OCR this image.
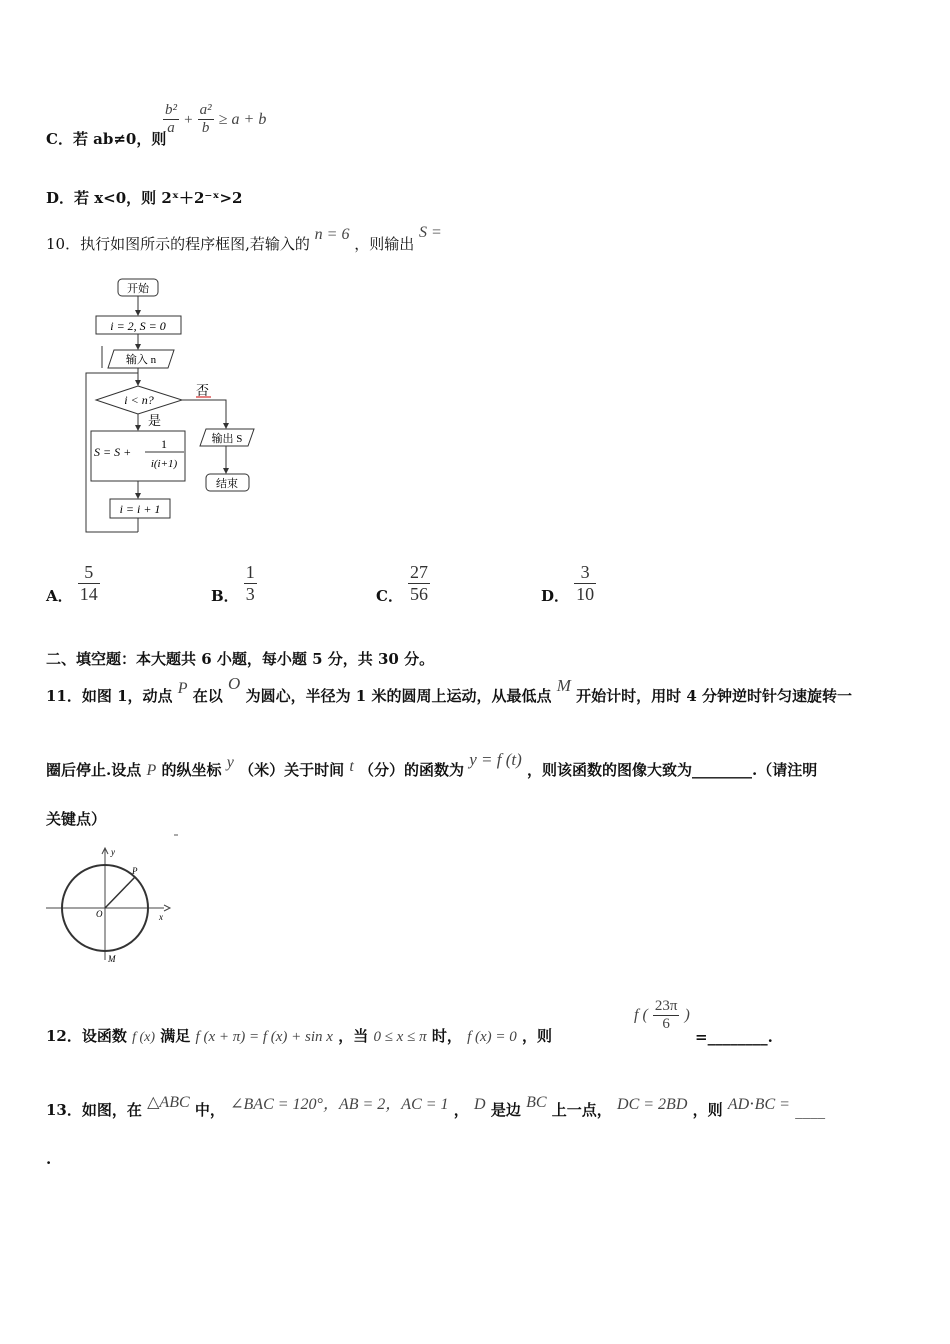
C．若 ab≠0，则
$\frac{\text{b²}}{a} + \frac{\text{a²}}{b} \ge a + b$
D．若 x<0，则 2ˣ＋2⁻ˣ>2
10．执行如图所示的程序框图,若输入的 n = 6 ，则输出 S =
开始
i = 2, S = 0
输入 n
i < n?
否
是
S = S +
1
i(i+1)
i = i + 1
输出 S
结束
A． $\frac{5}{14}$	B． $\frac{1}{3}$	C． $\frac{27}{56}$	D． $\frac{3}{10}$
二、填空题：本大题共 6 小题，每小题 5 分，共 30 分。
11．如图 1，动点 P 在以 O 为圆心，半径为 1 米的圆周上运动，从最低点 M 开始计时，用时 4 分钟逆时针匀速旋转一
圈后停止.设点 P 的纵坐标 y （米）关于时间 t （分）的函数为 y = f (t) ，则该函数的图像大致为________.（请注明
关键点）
y
x
O
P
M
12．设函数 f (x) 满足 f (x + π) = f (x) + sin x ，当 0 ≤ x ≤ π 时， f (x) = 0 ，则
f ( $\frac{23\pi}{6}$ )
=________.
13．如图，在 △ABC 中， ∠BAC = 120°，AB = 2，AC = 1 ， D 是边 BC 上一点， DC = 2BD ，则 AD⋅BC = ____
.
